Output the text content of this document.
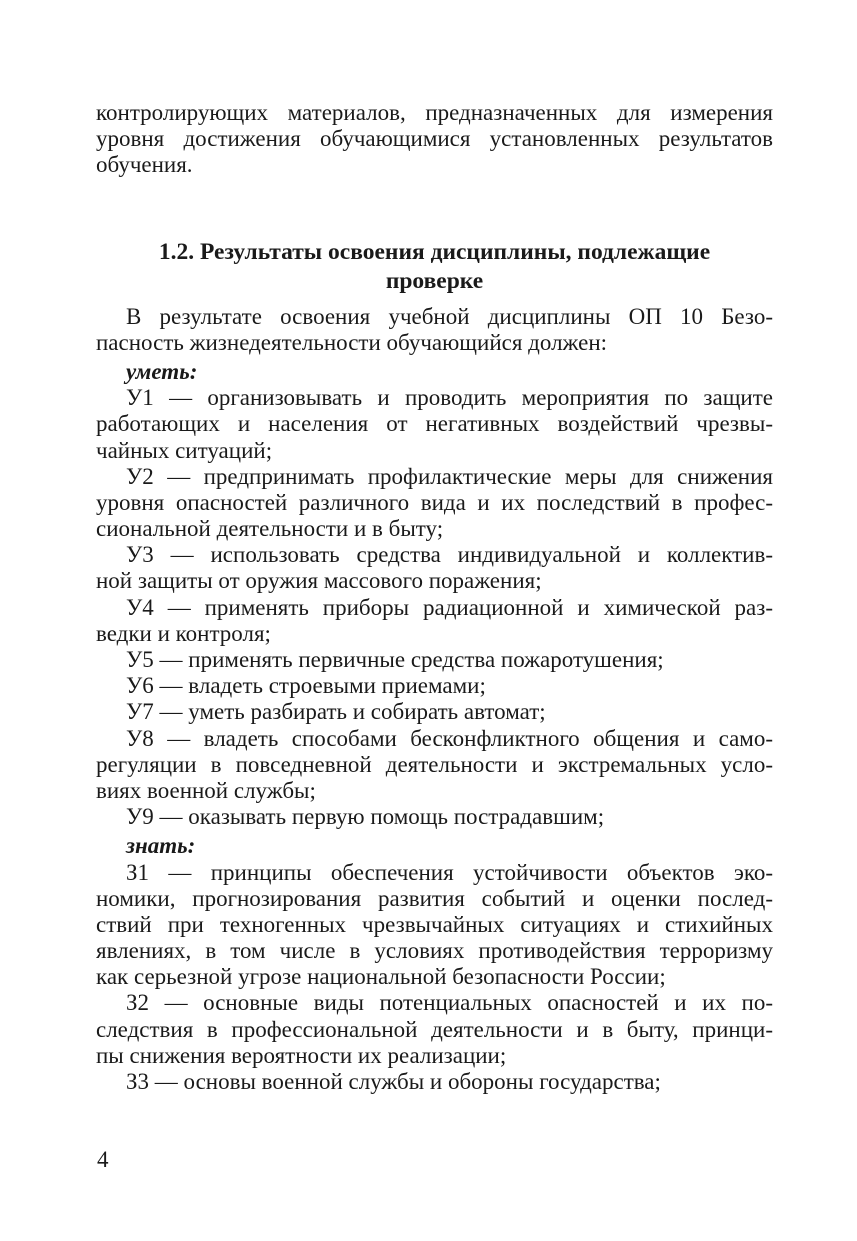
контролирующих материалов, предназначенных для измерения
уровня достижения обучающимися установленных результатов
обучения.
1.2. Результаты освоения дисциплины, подлежащие
проверке
В результате освоения учебной дисциплины ОП 10 Безо-
пасность жизнедеятельности обучающийся должен:
уметь:
У1 — организовывать и проводить мероприятия по защите
работающих и населения от негативных воздействий чрезвы-
чайных ситуаций;
У2 — предпринимать профилактические меры для снижения
уровня опасностей различного вида и их последствий в профес-
сиональной деятельности и в быту;
У3 — использовать средства индивидуальной и коллектив-
ной защиты от оружия массового поражения;
У4 — применять приборы радиационной и химической раз-
ведки и контроля;
У5 — применять первичные средства пожаротушения;
У6 — владеть строевыми приемами;
У7 — уметь разбирать и собирать автомат;
У8 — владеть способами бесконфликтного общения и само-
регуляции в повседневной деятельности и экстремальных усло-
виях военной службы;
У9 — оказывать первую помощь пострадавшим;
знать:
З1 — принципы обеспечения устойчивости объектов эко-
номики, прогнозирования развития событий и оценки послед-
ствий при техногенных чрезвычайных ситуациях и стихийных
явлениях, в том числе в условиях противодействия терроризму
как серьезной угрозе национальной безопасности России;
З2 — основные виды потенциальных опасностей и их по-
следствия в профессиональной деятельности и в быту, принци-
пы снижения вероятности их реализации;
З3 — основы военной службы и обороны государства;
4
